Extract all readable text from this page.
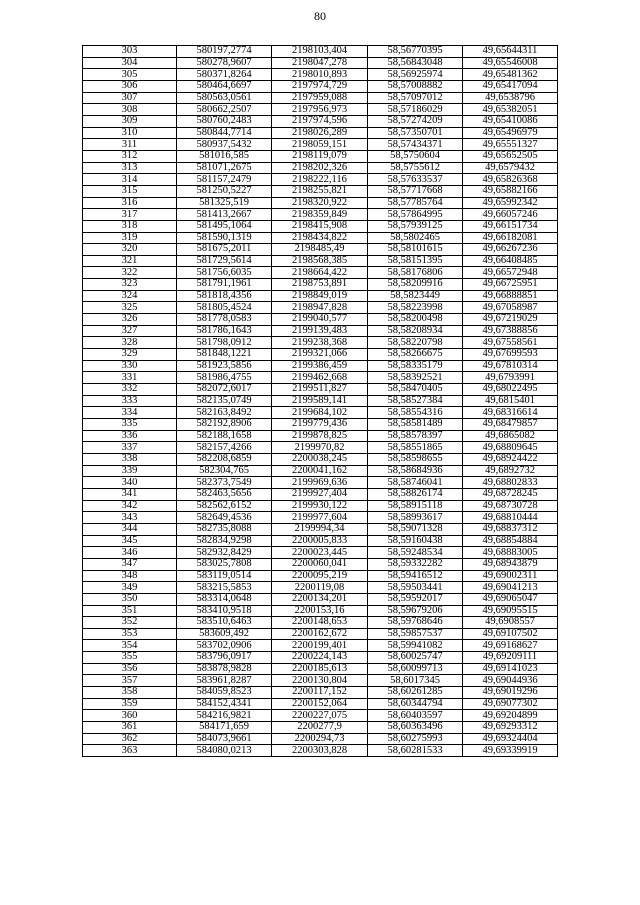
80
303	580197,2774	2198103,404	58,56770395	49,65644311
304	580278,9607	2198047,278	58,56843048	49,65546008
305	580371,8264	2198010,893	58,56925974	49,65481362
306	580464,6697	2197974,729	58,57008882	49,65417094
307	580563,0561	2197959,088	58,57097012	49,6538796
308	580662,2507	2197956,973	58,57186029	49,65382051
309	580760,2483	2197974,596	58,57274209	49,65410086
310	580844,7714	2198026,289	58,57350701	49,65496979
311	580937,5432	2198059,151	58,57434371	49,65551327
312	581016,585	2198119,079	58,5750604	49,65652505
313	581071,2675	2198202,326	58,5755612	49,6579432
314	581157,2479	2198222,116	58,57633537	49,65826368
315	581250,5227	2198255,821	58,57717668	49,65882166
316	581325,519	2198320,922	58,57785764	49,65992342
317	581413,2667	2198359,849	58,57864995	49,66057246
318	581495,1064	2198415,908	58,57939125	49,66151734
319	581590,1319	2198434,822	58,5802465	49,66182081
320	581675,2011	2198485,49	58,58101615	49,66267236
321	581729,5614	2198568,385	58,58151395	49,66408485
322	581756,6035	2198664,422	58,58176806	49,66572948
323	581791,1961	2198753,891	58,58209916	49,66725951
324	581818,4356	2198849,019	58,5823449	49,66888851
325	581805,4524	2198947,828	58,58223998	49,67058987
326	581778,0583	2199040,577	58,58200498	49,67219029
327	581786,1643	2199139,483	58,58208934	49,67388856
328	581798,0912	2199238,368	58,58220798	49,67558561
329	581848,1221	2199321,066	58,58266675	49,67699593
330	581923,5856	2199386,459	58,58335179	49,67810314
331	581986,4755	2199462,668	58,58392521	49,6793991
332	582072,6017	2199511,827	58,58470405	49,68022495
333	582135,0749	2199589,141	58,58527384	49,6815401
334	582163,8492	2199684,102	58,58554316	49,68316614
335	582192,8906	2199779,436	58,58581489	49,68479857
336	582188,1658	2199878,825	58,58578397	49,6865082
337	582157,4266	2199970,82	58,58551865	49,68809645
338	582208,6859	2200038,245	58,58598655	49,68924422
339	582304,765	2200041,162	58,58684936	49,6892732
340	582373,7549	2199969,636	58,58746041	49,68802833
341	582463,5656	2199927,404	58,58826174	49,68728245
342	582562,6152	2199930,122	58,58915118	49,68730728
343	582649,4536	2199977,604	58,58993617	49,68810444
344	582735,8088	2199994,34	58,59071328	49,68837312
345	582834,9298	2200005,833	58,59160438	49,68854884
346	582932,8429	2200023,445	58,59248534	49,68883005
347	583025,7808	2200060,041	58,59332282	49,68943879
348	583119,0514	2200095,219	58,59416512	49,69002311
349	583215,5853	2200119,08	58,59503441	49,69041213
350	583314,0648	2200134,201	58,59592017	49,69065047
351	583410,9518	2200153,16	58,59679206	49,69095515
352	583510,6463	2200148,653	58,59768646	49,6908557
353	583609,492	2200162,672	58,59857537	49,69107502
354	583702,0906	2200199,401	58,59941082	49,69168627
355	583796,0917	2200224,143	58,60025747	49,69209111
356	583878,9828	2200185,613	58,60099713	49,69141023
357	583961,8287	2200130,804	58,6017345	49,69044936
358	584059,8523	2200117,152	58,60261285	49,69019296
359	584152,4341	2200152,064	58,60344794	49,69077302
360	584216,9821	2200227,075	58,60403597	49,69204899
361	584171,659	2200277,9	58,60363496	49,69293312
362	584073,9661	2200294,73	58,60275993	49,69324404
363	584080,0213	2200303,828	58,60281533	49,69339919
